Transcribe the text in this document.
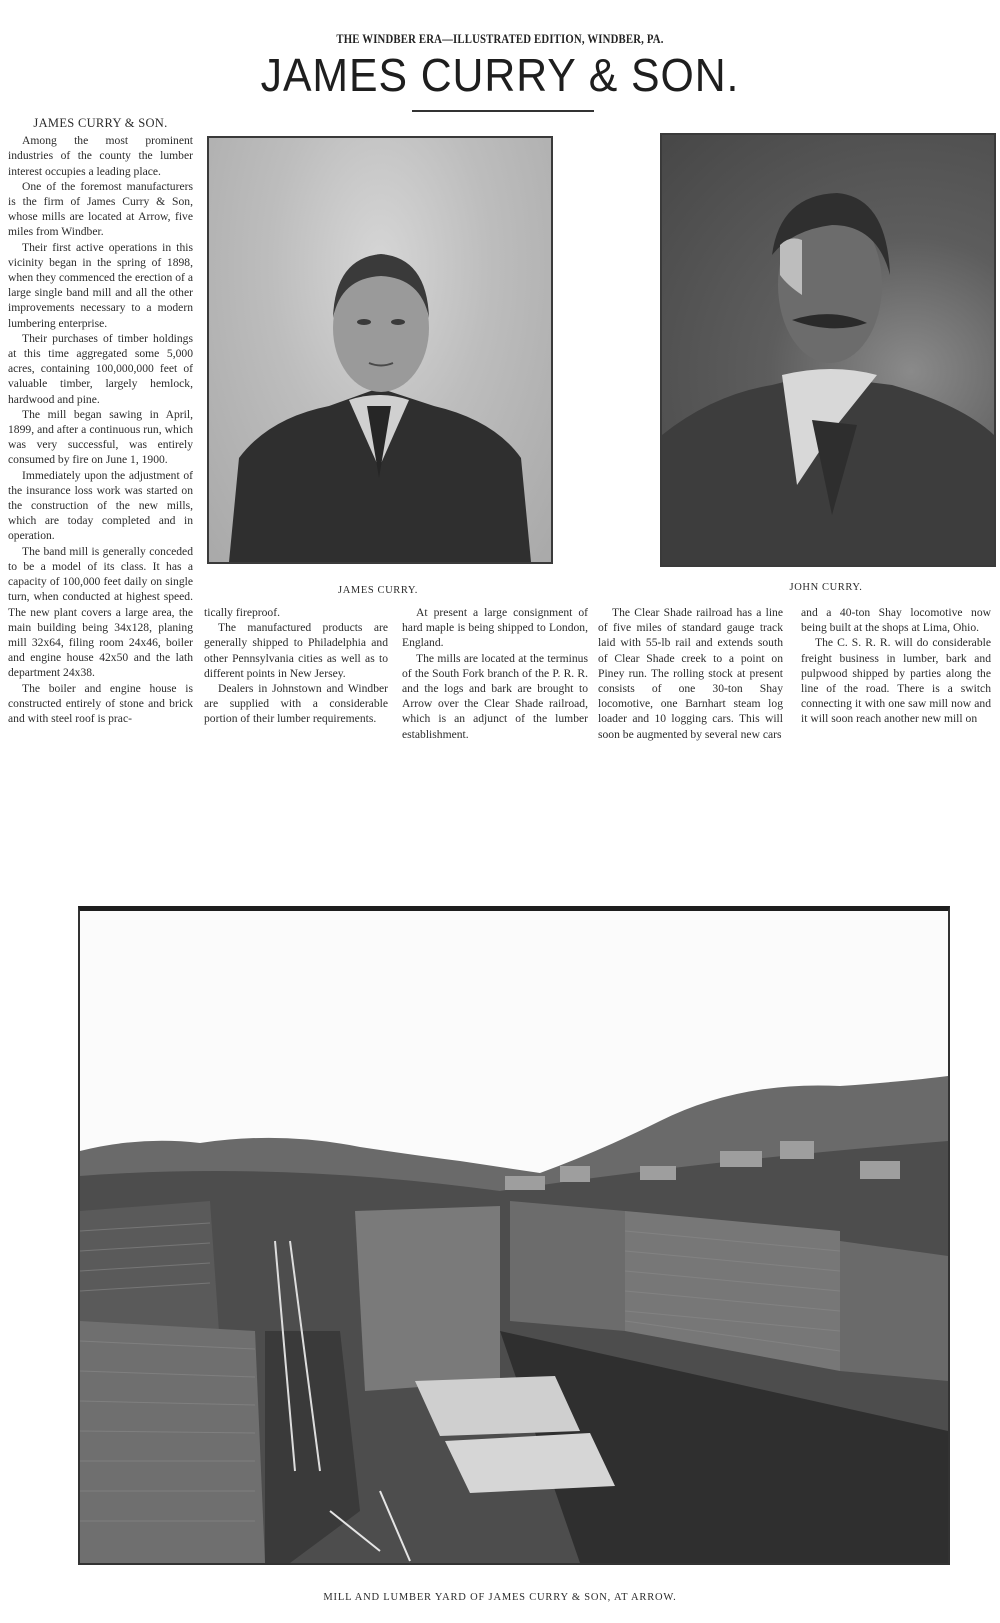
THE WINDBER ERA—ILLUSTRATED EDITION, WINDBER, PA.
JAMES CURRY & SON.

JAMES CURRY & SON.

Among the most prominent industries of the county the lumber interest occupies a leading place.

One of the foremost manufacturers is the firm of James Curry & Son, whose mills are located at Arrow, five miles from Windber.

Their first active operations in this vicinity began in the spring of 1898, when they commenced the erection of a large single band mill and all the other improvements necessary to a modern lumbering enterprise.

Their purchases of timber holdings at this time aggregated some 5,000 acres, containing 100,000,000 feet of valuable timber, largely hemlock, hardwood and pine.

The mill began sawing in April, 1899, and after a continuous run, which was very successful, was entirely consumed by fire on June 1, 1900.

Immediately upon the adjustment of the insurance loss work was started on the construction of the new mills, which are today completed and in operation.

The band mill is generally conceded to be a model of its class. It has a capacity of 100,000 feet daily on single turn, when conducted at highest speed. The new plant covers a large area, the main building being 34x128, planing mill 32x64, filing room 24x46, boiler and engine house 42x50 and the lath department 24x38.

The boiler and engine house is constructed entirely of stone and brick and with steel roof is prac-

JAMES CURRY.	JOHN CURRY.

tically fireproof.

The manufactured products are generally shipped to Philadelphia and other Pennsylvania cities as well as to different points in New Jersey.

Dealers in Johnstown and Windber are supplied with a considerable portion of their lumber requirements.

At present a large consignment of hard maple is being shipped to London, England.

The mills are located at the terminus of the South Fork branch of the P. R. R. and the logs and bark are brought to Arrow over the Clear Shade railroad, which is an adjunct of the lumber establishment.

The Clear Shade railroad has a line of five miles of standard gauge track laid with 55-lb rail and extends south of Clear Shade creek to a point on Piney run. The rolling stock at present consists of one 30-ton Shay locomotive, one Barnhart steam log loader and 10 logging cars. This will soon be augmented by several new cars

and a 40-ton Shay locomotive now being built at the shops at Lima, Ohio.

The C. S. R. R. will do considerable freight business in lumber, bark and pulpwood shipped by parties along the line of the road. There is a switch connecting it with one saw mill now and it will soon reach another new mill on

MILL AND LUMBER YARD OF JAMES CURRY & SON, AT ARROW.
